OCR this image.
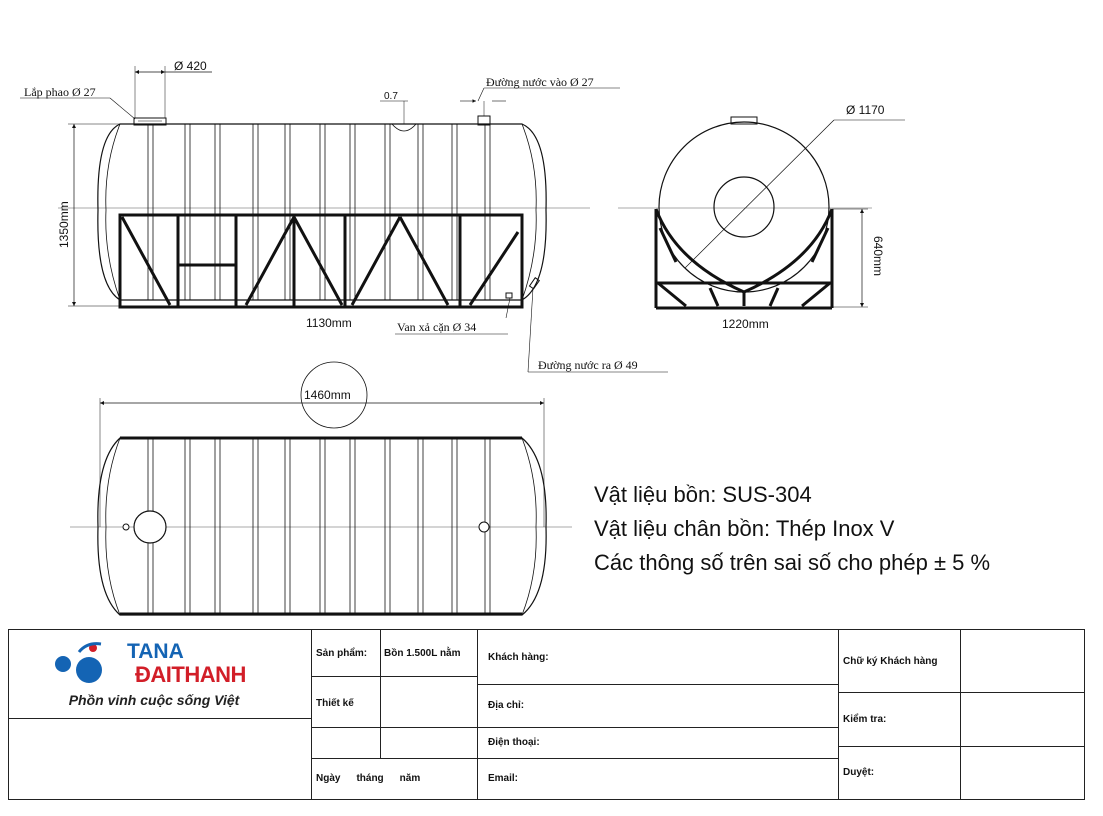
Ø 420
Lắp phao Ø 27	0.7
Đường nước vào Ø 27
1350mm
1130mm	Van xả cặn Ø 34
Đường nước ra Ø 49
Ø 1170
640mm
1220mm
1460mm
Vật liệu bồn: SUS-304
Vật liệu chân bồn: Thép Inox V
Các thông số trên sai số cho phép ± 5 %
TANA
ĐAITHANH
Phồn vinh cuộc sống Việt
Sản phẩm:	Bồn 1.500L nằm
Thiết kế
Ngày tháng năm
Khách hàng:
Địa chỉ:
Điện thoại:
Email:
Chữ ký Khách hàng
Kiểm tra:
Duyệt:
